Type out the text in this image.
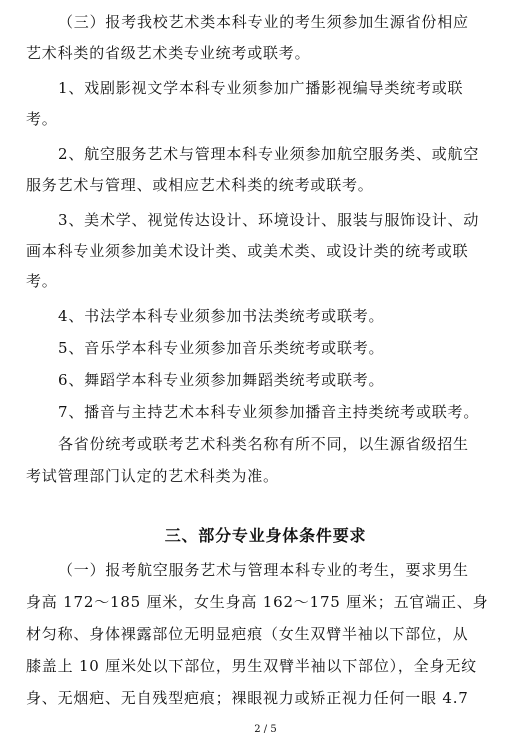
（三）报考我校艺术类本科专业的考生须参加生源省份相应
艺术科类的省级艺术类专业统考或联考。
1、戏剧影视文学本科专业须参加广播影视编导类统考或联
考。
2、航空服务艺术与管理本科专业须参加航空服务类、或航空
服务艺术与管理、或相应艺术科类的统考或联考。
3、美术学、视觉传达设计、环境设计、服装与服饰设计、动
画本科专业须参加美术设计类、或美术类、或设计类的统考或联
考。
4、书法学本科专业须参加书法类统考或联考。
5、音乐学本科专业须参加音乐类统考或联考。
6、舞蹈学本科专业须参加舞蹈类统考或联考。
7、播音与主持艺术本科专业须参加播音主持类统考或联考。
各省份统考或联考艺术科类名称有所不同，以生源省级招生
考试管理部门认定的艺术科类为准。
三、部分专业身体条件要求
（一）报考航空服务艺术与管理本科专业的考生，要求男生
身高 172～185 厘米，女生身高 162～175 厘米；五官端正、身
材匀称、身体裸露部位无明显疤痕（女生双臂半袖以下部位，从
膝盖上 10 厘米处以下部位，男生双臂半袖以下部位），全身无纹
身、无烟疤、无自残型疤痕；裸眼视力或矫正视力任何一眼 4.7
2 / 5
